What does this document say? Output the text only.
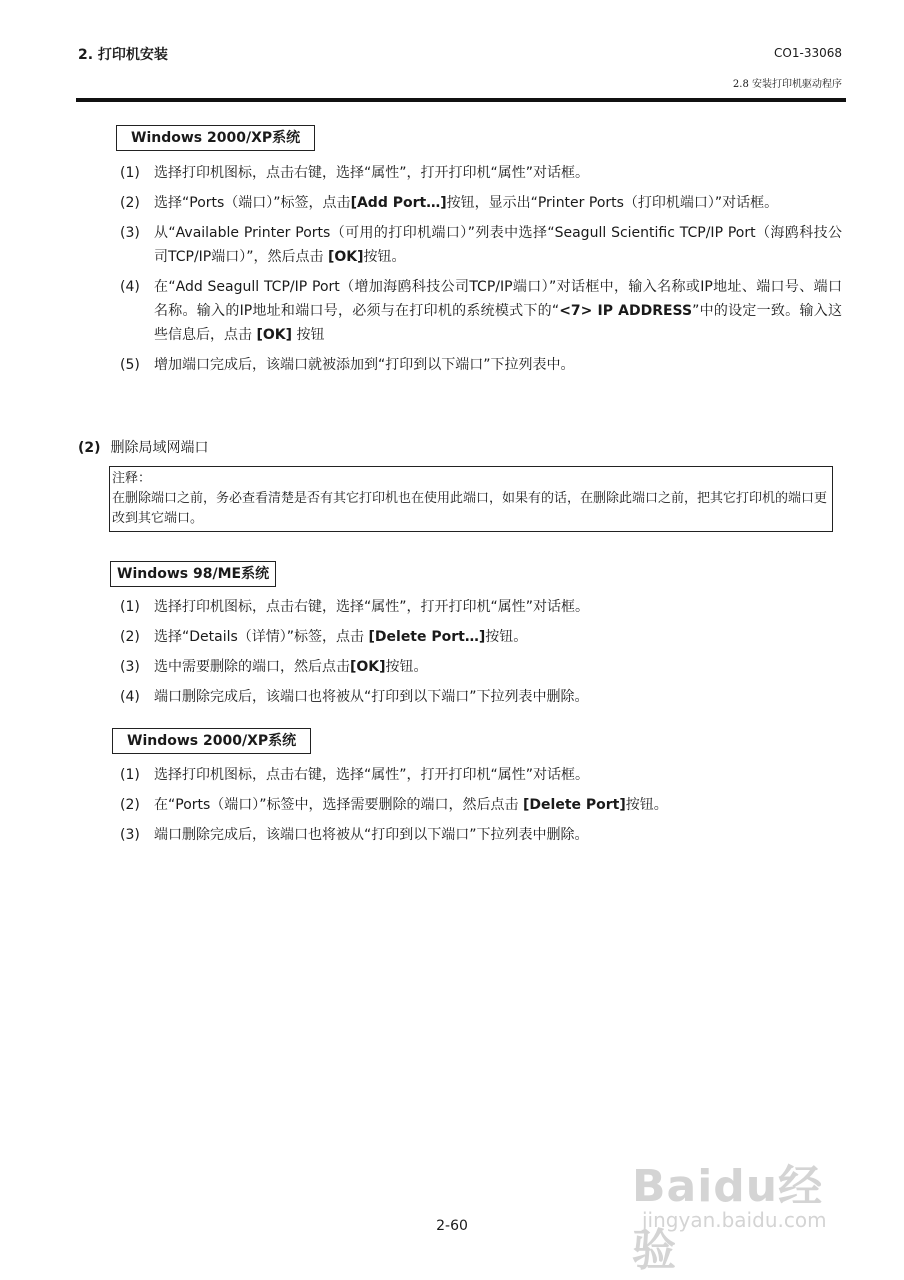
2. 打印机安装	CO1-33068
2.8 安装打印机驱动程序
Windows 2000/XP系统
(1)	选择打印机图标，点击右键，选择“属性”，打开打印机“属性”对话框。
(2)	选择“Ports（端口）”标签，点击[Add Port…]按钮，显示出“Printer Ports（打印机端口）”对话框。
(3)	从“Available Printer Ports（可用的打印机端口）”列表中选择“Seagull Scientific TCP/IP Port（海鸥科技公司TCP/IP端口）”，然后点击 [OK]按钮。
(4)	在“Add Seagull TCP/IP Port（增加海鸥科技公司TCP/IP端口）”对话框中，输入名称或IP地址、端口号、端口名称。输入的IP地址和端口号，必须与在打印机的系统模式下的“<7> IP ADDRESS”中的设定一致。输入这些信息后，点击 [OK] 按钮
(5)	增加端口完成后，该端口就被添加到“打印到以下端口”下拉列表中。
(2) 删除局域网端口
注释：
在删除端口之前，务必查看清楚是否有其它打印机也在使用此端口，如果有的话，在删除此端口之前，把其它打印机的端口更改到其它端口。
Windows 98/ME系统
(1)	选择打印机图标，点击右键，选择“属性”，打开打印机“属性”对话框。
(2)	选择“Details（详情）”标签，点击 [Delete Port…]按钮。
(3)	选中需要删除的端口，然后点击[OK]按钮。
(4)	端口删除完成后，该端口也将被从“打印到以下端口”下拉列表中删除。
Windows 2000/XP系统
(1)	选择打印机图标，点击右键，选择“属性”，打开打印机“属性”对话框。
(2)	在“Ports（端口）”标签中，选择需要删除的端口，然后点击 [Delete Port]按钮。
(3)	端口删除完成后，该端口也将被从“打印到以下端口”下拉列表中删除。
2-60
Baidu经验
jingyan.baidu.com
